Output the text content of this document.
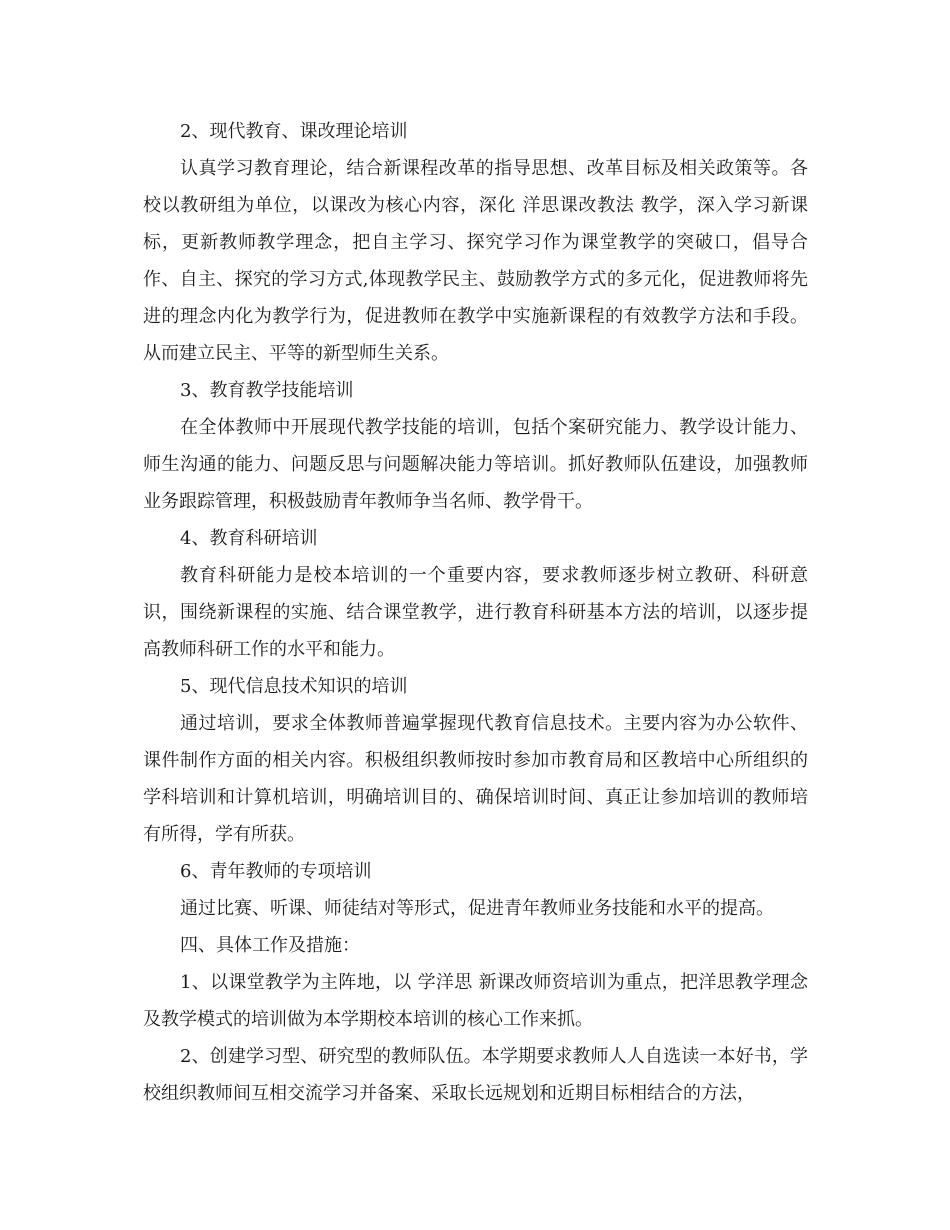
2、现代教育、课改理论培训

认真学习教育理论，结合新课程改革的指导思想、改革目标及相关政策等。各校以教研组为单位，以课改为核心内容，深化 洋思课改教法 教学，深入学习新课标，更新教师教学理念，把自主学习、探究学习作为课堂教学的突破口，倡导合作、自主、探究的学习方式,体现教学民主、鼓励教学方式的多元化，促进教师将先进的理念内化为教学行为，促进教师在教学中实施新课程的有效教学方法和手段。从而建立民主、平等的新型师生关系。

3、教育教学技能培训

在全体教师中开展现代教学技能的培训，包括个案研究能力、教学设计能力、师生沟通的能力、问题反思与问题解决能力等培训。抓好教师队伍建设，加强教师业务跟踪管理，积极鼓励青年教师争当名师、教学骨干。

4、教育科研培训

教育科研能力是校本培训的一个重要内容，要求教师逐步树立教研、科研意识，围绕新课程的实施、结合课堂教学，进行教育科研基本方法的培训，以逐步提高教师科研工作的水平和能力。

5、现代信息技术知识的培训

通过培训，要求全体教师普遍掌握现代教育信息技术。主要内容为办公软件、课件制作方面的相关内容。积极组织教师按时参加市教育局和区教培中心所组织的学科培训和计算机培训，明确培训目的、确保培训时间、真正让参加培训的教师培有所得，学有所获。

6、青年教师的专项培训

通过比赛、听课、师徒结对等形式，促进青年教师业务技能和水平的提高。

四、具体工作及措施：

1、以课堂教学为主阵地，以 学洋思 新课改师资培训为重点，把洋思教学理念及教学模式的培训做为本学期校本培训的核心工作来抓。

2、创建学习型、研究型的教师队伍。本学期要求教师人人自选读一本好书，学校组织教师间互相交流学习并备案、采取长远规划和近期目标相结合的方法，
